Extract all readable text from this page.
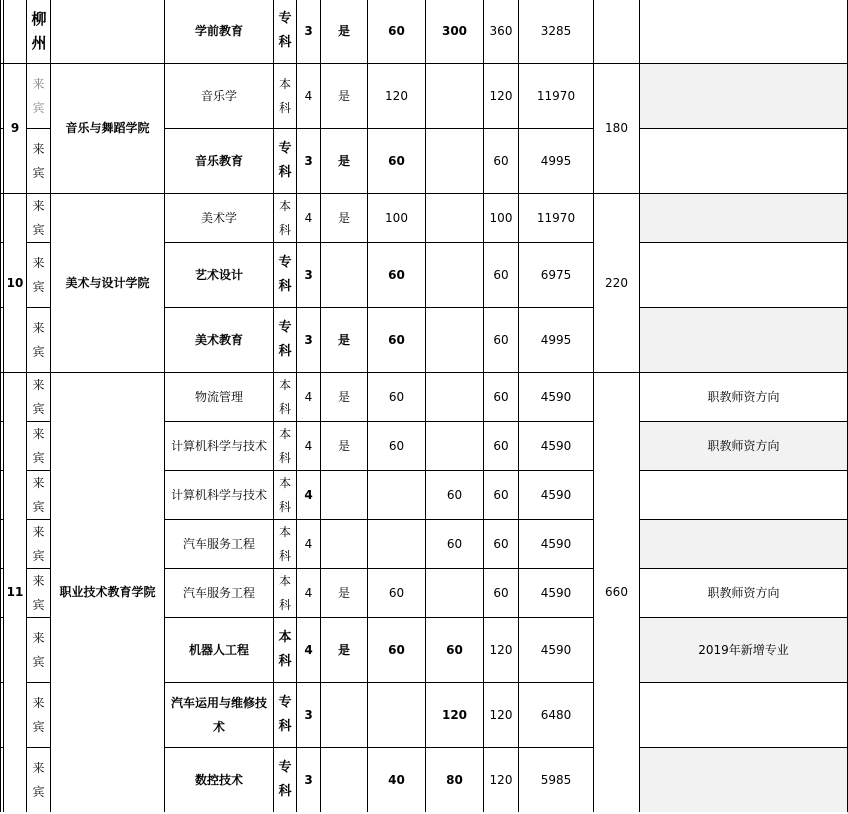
		柳州		学前教育	专科	3	是	60	300	360	3285		
	9	来宾	音乐与舞蹈学院	音乐学	本科	4	是	120		120	11970	180	
		来宾		音乐教育	专科	3	是	60		60	4995		
	10	来宾	美术与设计学院	美术学	本科	4	是	100		100	11970	220	
		来宾		艺术设计	专科	3		60		60	6975		
		来宾		美术教育	专科	3	是	60		60	4995		
	11	来宾	职业技术教育学院	物流管理	本科	4	是	60		60	4590	660	职教师资方向
		来宾		计算机科学与技术	本科	4	是	60		60	4590		职教师资方向
		来宾		计算机科学与技术	本科	4			60	60	4590		
		来宾		汽车服务工程	本科	4			60	60	4590		
		来宾		汽车服务工程	本科	4	是	60		60	4590		职教师资方向
		来宾		机器人工程	本科	4	是	60	60	120	4590		2019年新增专业
		来宾		汽车运用与维修技术	专科	3			120	120	6480		
		来宾		数控技术	专科	3		40	80	120	5985		
